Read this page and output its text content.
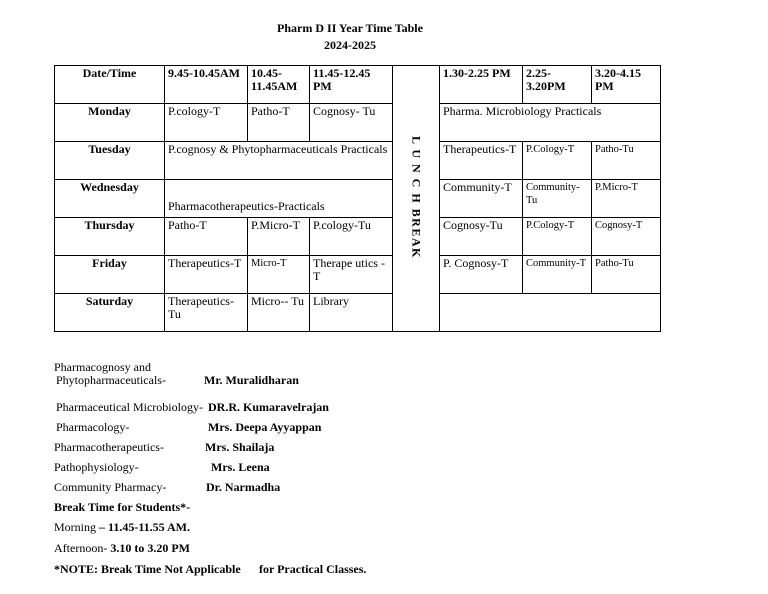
Pharm D II Year Time Table
2024-2025
Date/Time	9.45-10.45AM	10.45-11.45AM	11.45-12.45 PM	L U N C H BREAK	1.30-2.25 PM	2.25-3.20PM	3.20-4.15 PM
Monday	P.cology-T	Patho-T	Cognosy- Tu		Pharma. Microbiology Practicals		
Tuesday	P.cognosy & Phytopharmaceuticals Practicals				Therapeutics-T	P.Cology-T	Patho-Tu
Wednesday	Pharmacotherapeutics-Practicals				Community-T	Community-Tu	P.Micro-T
Thursday	Patho-T	P.Micro-T	P.cology-Tu		Cognosy-Tu	P.Cology-T	Cognosy-T
Friday	Therapeutics-T	Micro-T	Therape utics -T		P. Cognosy-T	Community-T	Patho-Tu
Saturday	Therapeutics-Tu	Micro-- Tu	Library				
Pharmacognosy and
Phytopharmaceuticals-	Mr. Muralidharan
Pharmaceutical Microbiology- DR.R. Kumaravelrajan
Pharmacology-	Mrs. Deepa Ayyappan
Pharmacotherapeutics-	Mrs. Shailaja
Pathophysiology-	Mrs. Leena
Community Pharmacy-	Dr. Narmadha
Break Time for Students*-
Morning – 11.45-11.55 AM.
Afternoon- 3.10 to 3.20 PM
*NOTE: Break Time Not Applicable for Practical Classes.
